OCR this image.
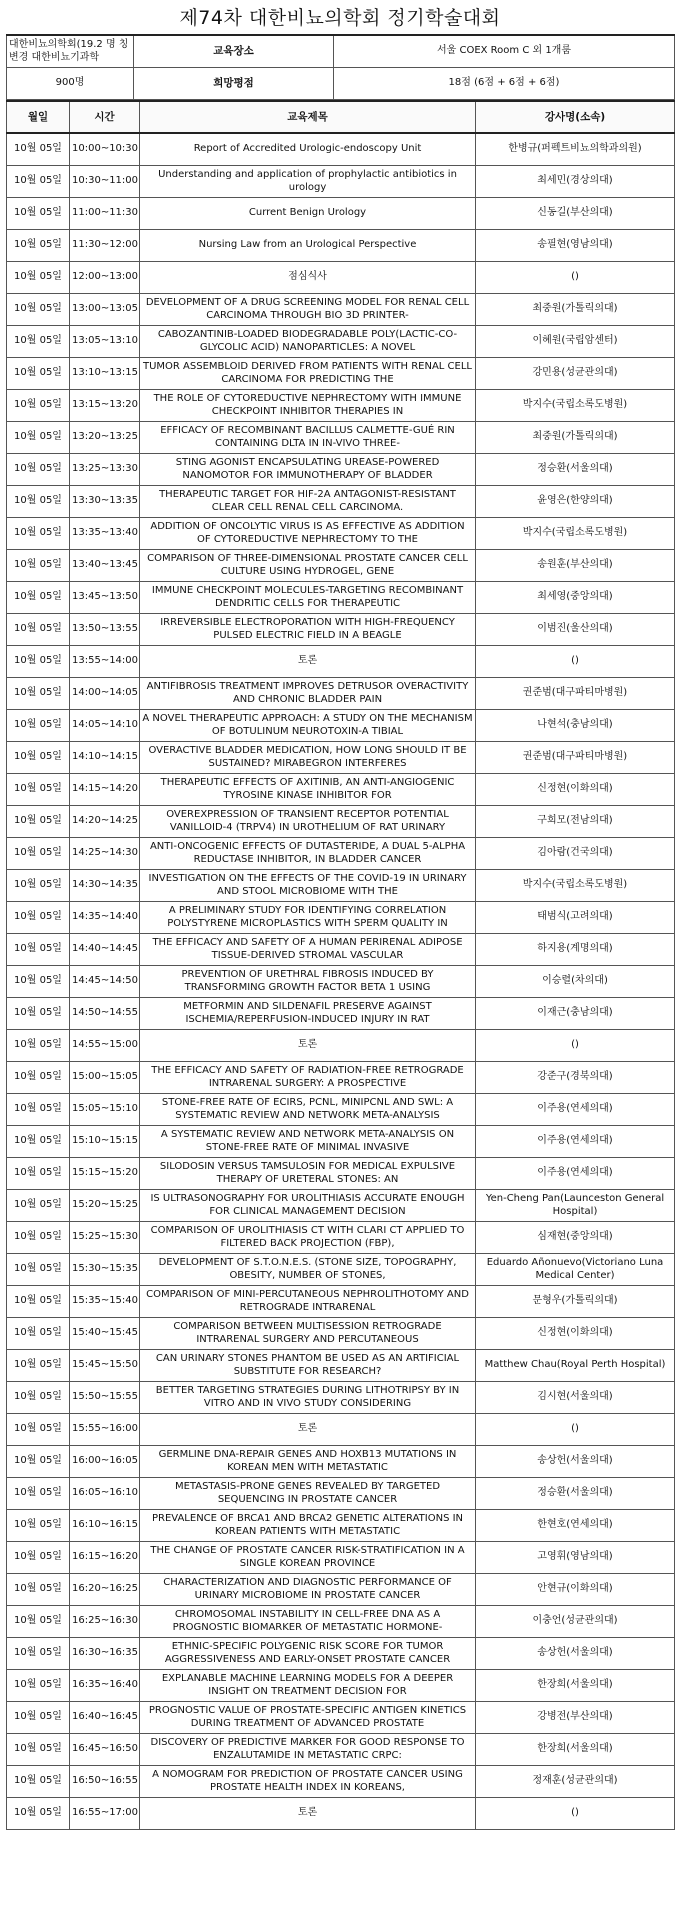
제74차 대한비뇨의학회 정기학술대회
대한비뇨의학회(19.2 명 칭변경 대한비뇨기과학	교육장소	서울 COEX Room C 외 1개룸
900명	희망평점	18점 (6점 + 6점 + 6점)
월일	시간	교육제목	강사명(소속)
10월 05일	10:00~10:30	Report of Accredited Urologic-endoscopy Unit	한병규(퍼펙트비뇨의학과의원)
10월 05일	10:30~11:00	Understanding and application of prophylactic antibiotics in urology	최세민(경상의대)
10월 05일	11:00~11:30	Current Benign Urology	신동길(부산의대)
10월 05일	11:30~12:00	Nursing Law from an Urological Perspective	송필현(영남의대)
10월 05일	12:00~13:00	점심식사	()
10월 05일	13:00~13:05	DEVELOPMENT OF A DRUG SCREENING MODEL FOR RENAL CELL CARCINOMA THROUGH BIO 3D PRINTER-	최중원(가톨릭의대)
10월 05일	13:05~13:10	CABOZANTINIB-LOADED BIODEGRADABLE POLY(LACTIC-CO-GLYCOLIC ACID) NANOPARTICLES: A NOVEL	이혜원(국립암센터)
10월 05일	13:10~13:15	TUMOR ASSEMBLOID DERIVED FROM PATIENTS WITH RENAL CELL CARCINOMA FOR PREDICTING THE	강민용(성균관의대)
10월 05일	13:15~13:20	THE ROLE OF CYTOREDUCTIVE NEPHRECTOMY WITH IMMUNE CHECKPOINT INHIBITOR THERAPIES IN	박지수(국립소록도병원)
10월 05일	13:20~13:25	EFFICACY OF RECOMBINANT BACILLUS CALMETTE-GUÉ RIN CONTAINING DLTA IN IN-VIVO THREE-	최중원(가톨릭의대)
10월 05일	13:25~13:30	STING AGONIST ENCAPSULATING UREASE-POWERED NANOMOTOR FOR IMMUNOTHERAPY OF BLADDER	정승환(서울의대)
10월 05일	13:30~13:35	THERAPEUTIC TARGET FOR HIF-2A ANTAGONIST-RESISTANT CLEAR CELL RENAL CELL CARCINOMA.	윤영은(한양의대)
10월 05일	13:35~13:40	ADDITION OF ONCOLYTIC VIRUS IS AS EFFECTIVE AS ADDITION OF CYTOREDUCTIVE NEPHRECTOMY TO THE	박지수(국립소록도병원)
10월 05일	13:40~13:45	COMPARISON OF THREE-DIMENSIONAL PROSTATE CANCER CELL CULTURE USING HYDROGEL, GENE	송원훈(부산의대)
10월 05일	13:45~13:50	IMMUNE CHECKPOINT MOLECULES-TARGETING RECOMBINANT DENDRITIC CELLS FOR THERAPEUTIC	최세영(중앙의대)
10월 05일	13:50~13:55	IRREVERSIBLE ELECTROPORATION WITH HIGH-FREQUENCY PULSED ELECTRIC FIELD IN A BEAGLE	이범진(울산의대)
10월 05일	13:55~14:00	토론	()
10월 05일	14:00~14:05	ANTIFIBROSIS TREATMENT IMPROVES DETRUSOR OVERACTIVITY AND CHRONIC BLADDER PAIN	권준범(대구파티마병원)
10월 05일	14:05~14:10	A NOVEL THERAPEUTIC APPROACH: A STUDY ON THE MECHANISM OF BOTULINUM NEUROTOXIN-A TIBIAL	나현석(충남의대)
10월 05일	14:10~14:15	OVERACTIVE BLADDER MEDICATION, HOW LONG SHOULD IT BE SUSTAINED? MIRABEGRON INTERFERES	권준범(대구파티마병원)
10월 05일	14:15~14:20	THERAPEUTIC EFFECTS OF AXITINIB, AN ANTI-ANGIOGENIC TYROSINE KINASE INHIBITOR FOR	신정현(이화의대)
10월 05일	14:20~14:25	OVEREXPRESSION OF TRANSIENT RECEPTOR POTENTIAL VANILLOID-4 (TRPV4) IN UROTHELIUM OF RAT URINARY	구희모(전남의대)
10월 05일	14:25~14:30	ANTI-ONCOGENIC EFFECTS OF DUTASTERIDE, A DUAL 5-ALPHA REDUCTASE INHIBITOR, IN BLADDER CANCER	김아람(건국의대)
10월 05일	14:30~14:35	INVESTIGATION ON THE EFFECTS OF THE COVID-19 IN URINARY AND STOOL MICROBIOME WITH THE	박지수(국립소록도병원)
10월 05일	14:35~14:40	A PRELIMINARY STUDY FOR IDENTIFYING CORRELATION POLYSTYRENE MICROPLASTICS WITH SPERM QUALITY IN	태범식(고려의대)
10월 05일	14:40~14:45	THE EFFICACY AND SAFETY OF A HUMAN PERIRENAL ADIPOSE TISSUE-DERIVED STROMAL VASCULAR	하지용(계명의대)
10월 05일	14:45~14:50	PREVENTION OF URETHRAL FIBROSIS INDUCED BY TRANSFORMING GROWTH FACTOR BETA 1 USING	이승렬(차의대)
10월 05일	14:50~14:55	METFORMIN AND SILDENAFIL PRESERVE AGAINST ISCHEMIA/REPERFUSION-INDUCED INJURY IN RAT	이재근(충남의대)
10월 05일	14:55~15:00	토론	()
10월 05일	15:00~15:05	THE EFFICACY AND SAFETY OF RADIATION-FREE RETROGRADE INTRARENAL SURGERY: A PROSPECTIVE	강준구(경북의대)
10월 05일	15:05~15:10	STONE-FREE RATE OF ECIRS, PCNL, MINIPCNL AND SWL: A SYSTEMATIC REVIEW AND NETWORK META-ANALYSIS	이주용(연세의대)
10월 05일	15:10~15:15	A SYSTEMATIC REVIEW AND NETWORK META-ANALYSIS ON STONE-FREE RATE OF MINIMAL INVASIVE	이주용(연세의대)
10월 05일	15:15~15:20	SILODOSIN VERSUS TAMSULOSIN FOR MEDICAL EXPULSIVE THERAPY OF URETERAL STONES: AN	이주용(연세의대)
10월 05일	15:20~15:25	IS ULTRASONOGRAPHY FOR UROLITHIASIS ACCURATE ENOUGH FOR CLINICAL MANAGEMENT DECISION	Yen-Cheng Pan(Launceston General Hospital)
10월 05일	15:25~15:30	COMPARISON OF UROLITHIASIS CT WITH CLARI CT APPLIED TO FILTERED BACK PROJECTION (FBP),	심재현(중앙의대)
10월 05일	15:30~15:35	DEVELOPMENT OF S.T.O.N.E.S. (STONE SIZE, TOPOGRAPHY, OBESITY, NUMBER OF STONES,	Eduardo Añonuevo(Victoriano Luna Medical Center)
10월 05일	15:35~15:40	COMPARISON OF MINI-PERCUTANEOUS NEPHROLITHOTOMY AND RETROGRADE INTRARENAL	문형우(가톨릭의대)
10월 05일	15:40~15:45	COMPARISON BETWEEN MULTISESSION RETROGRADE INTRARENAL SURGERY AND PERCUTANEOUS	신정현(이화의대)
10월 05일	15:45~15:50	CAN URINARY STONES PHANTOM BE USED AS AN ARTIFICIAL SUBSTITUTE FOR RESEARCH?	Matthew Chau(Royal Perth Hospital)
10월 05일	15:50~15:55	BETTER TARGETING STRATEGIES DURING LITHOTRIPSY BY IN VITRO AND IN VIVO STUDY CONSIDERING	김시현(서울의대)
10월 05일	15:55~16:00	토론	()
10월 05일	16:00~16:05	GERMLINE DNA-REPAIR GENES AND HOXB13 MUTATIONS IN KOREAN MEN WITH METASTATIC	송상헌(서울의대)
10월 05일	16:05~16:10	METASTASIS-PRONE GENES REVEALED BY TARGETED SEQUENCING IN PROSTATE CANCER	정승환(서울의대)
10월 05일	16:10~16:15	PREVALENCE OF BRCA1 AND BRCA2 GENETIC ALTERATIONS IN KOREAN PATIENTS WITH METASTATIC	한현호(연세의대)
10월 05일	16:15~16:20	THE CHANGE OF PROSTATE CANCER RISK-STRATIFICATION IN A SINGLE KOREAN PROVINCE	고영휘(영남의대)
10월 05일	16:20~16:25	CHARACTERIZATION AND DIAGNOSTIC PERFORMANCE OF URINARY MICROBIOME IN PROSTATE CANCER	안현규(이화의대)
10월 05일	16:25~16:30	CHROMOSOMAL INSTABILITY IN CELL-FREE DNA AS A PROGNOSTIC BIOMARKER OF METASTATIC HORMONE-	이충언(성균관의대)
10월 05일	16:30~16:35	ETHNIC-SPECIFIC POLYGENIC RISK SCORE FOR TUMOR AGGRESSIVENESS AND EARLY-ONSET PROSTATE CANCER	송상헌(서울의대)
10월 05일	16:35~16:40	EXPLANABLE MACHINE LEARNING MODELS FOR A DEEPER INSIGHT ON TREATMENT DECISION FOR	한장희(서울의대)
10월 05일	16:40~16:45	PROGNOSTIC VALUE OF PROSTATE-SPECIFIC ANTIGEN KINETICS DURING TREATMENT OF ADVANCED PROSTATE	강병전(부산의대)
10월 05일	16:45~16:50	DISCOVERY OF PREDICTIVE MARKER FOR GOOD RESPONSE TO ENZALUTAMIDE IN METASTATIC CRPC:	한장희(서울의대)
10월 05일	16:50~16:55	A NOMOGRAM FOR PREDICTION OF PROSTATE CANCER USING PROSTATE HEALTH INDEX IN KOREANS,	정재훈(성균관의대)
10월 05일	16:55~17:00	토론	()
